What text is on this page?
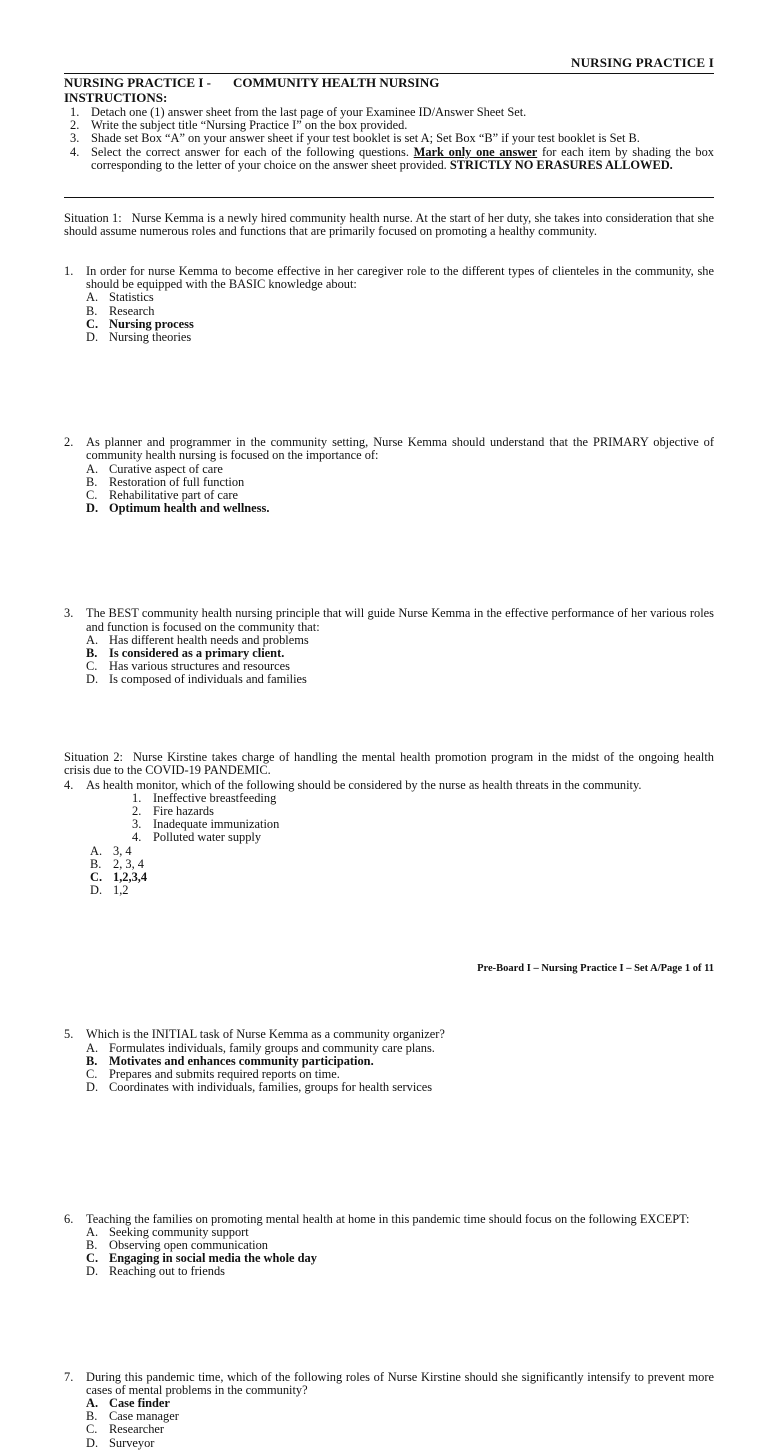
NURSING PRACTICE I
NURSING PRACTICE I - COMMUNITY HEALTH NURSING
INSTRUCTIONS:
1. Detach one (1) answer sheet from the last page of your Examinee ID/Answer Sheet Set.
2. Write the subject title “Nursing Practice I” on the box provided.
3. Shade set Box “A” on your answer sheet if your test booklet is set A; Set Box “B” if your test booklet is Set B.
4. Select the correct answer for each of the following questions. Mark only one answer for each item by shading the box corresponding to the letter of your choice on the answer sheet provided. STRICTLY NO ERASURES ALLOWED.
Situation 1: Nurse Kemma is a newly hired community health nurse. At the start of her duty, she takes into consideration that she should assume numerous roles and functions that are primarily focused on promoting a healthy community.
1.	In order for nurse Kemma to become effective in her caregiver role to the different types of clienteles in the community, she should be equipped with the BASIC knowledge about:
A. Statistics
B. Research
C. Nursing process
D. Nursing theories
2.	As planner and programmer in the community setting, Nurse Kemma should understand that the PRIMARY objective of community health nursing is focused on the importance of:
A. Curative aspect of care
B. Restoration of full function
C. Rehabilitative part of care
D. Optimum health and wellness.
3.	The BEST community health nursing principle that will guide Nurse Kemma in the effective performance of her various roles and function is focused on the community that:
A. Has different health needs and problems
B. Is considered as a primary client.
C. Has various structures and resources
D. Is composed of individuals and families
4.	As health monitor, which of the following should be considered by the nurse as health threats in the community.
1. Ineffective breastfeeding
2. Fire hazards
3. Inadequate immunization
4. Polluted water supply
A. 3, 4
B. 2, 3, 4
C. 1,2,3,4
D. 1,2
5.	Which is the INITIAL task of Nurse Kemma as a community organizer?
A. Formulates individuals, family groups and community care plans.
B. Motivates and enhances community participation.
C. Prepares and submits required reports on time.
D. Coordinates with individuals, families, groups for health services
Situation 2: Nurse Kirstine takes charge of handling the mental health promotion program in the midst of the ongoing health crisis due to the COVID-19 PANDEMIC.
6.	Teaching the families on promoting mental health at home in this pandemic time should focus on the following EXCEPT:
A. Seeking community support
B. Observing open communication
C. Engaging in social media the whole day
D. Reaching out to friends
7.	During this pandemic time, which of the following roles of Nurse Kirstine should she significantly intensify to prevent more cases of mental problems in the community?
A. Case finder
B. Case manager
C. Researcher
D. Surveyor
Pre-Board I – Nursing Practice I – Set A/Page 1 of 11
